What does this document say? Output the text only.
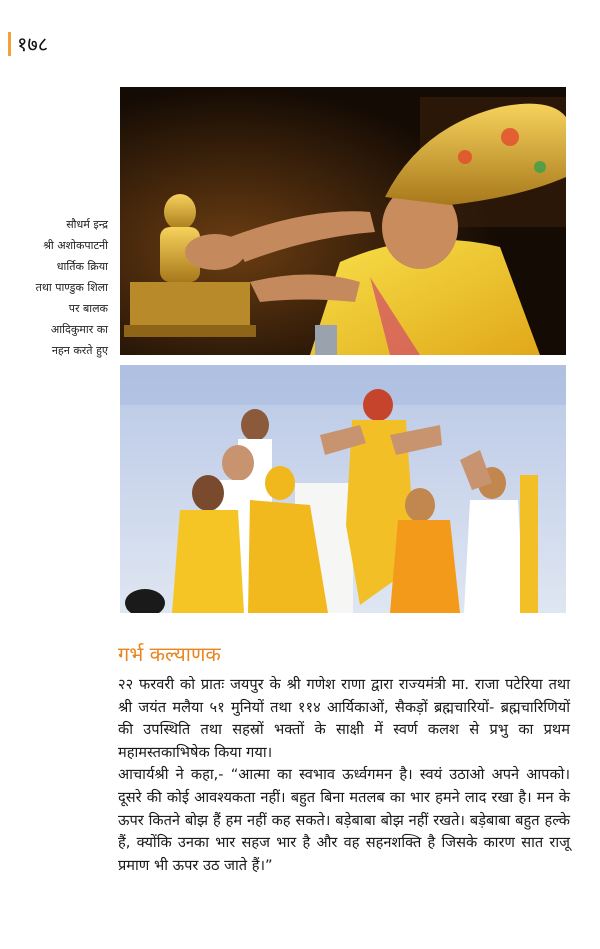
१७८
सौधर्म इन्द्र
श्री अशोकपाटनी
धार्तिक क्रिया
तथा पाण्डुक शिला
पर बालक
आदिकुमार का
नहन करते हुए
गर्भ कल्याणक

२२ फरवरी को प्रातः जयपुर के श्री गणेश राणा द्वारा राज्यमंत्री मा. राजा पटेरिया तथा श्री जयंत मलैया ५१ मुनियों तथा ११४ आर्यिकाओं, सैकड़ों ब्रह्मचारियों- ब्रह्मचारिणियों की उपस्थिति तथा सहस्रों भक्तों के साक्षी में स्वर्ण कलश से प्रभु का प्रथम महामस्तकाभिषेक किया गया।

आचार्यश्री ने कहा,- “आत्मा का स्वभाव ऊर्ध्वगमन है। स्वयं उठाओ अपने आपको। दूसरे की कोई आवश्यकता नहीं। बहुत बिना मतलब का भार हमने लाद रखा है। मन के ऊपर कितने बोझ हैं हम नहीं कह सकते। बड़ेबाबा बोझ नहीं रखते। बड़ेबाबा बहुत हल्के हैं, क्योंकि उनका भार सहज भार है और वह सहनशक्ति है जिसके कारण सात राजू प्रमाण भी ऊपर उठ जाते हैं।”
